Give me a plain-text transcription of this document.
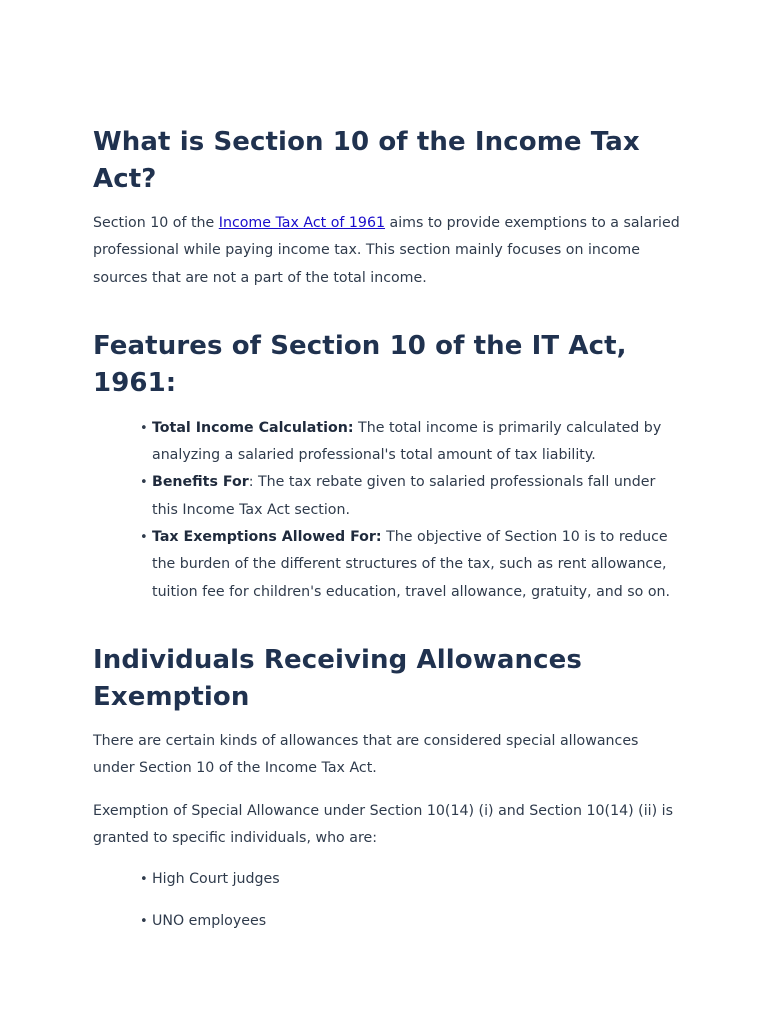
What is Section 10 of the Income Tax Act?

Section 10 of the Income Tax Act of 1961 aims to provide exemptions to a salaried professional while paying income tax. This section mainly focuses on income sources that are not a part of the total income.

Features of Section 10 of the IT Act, 1961:
• Total Income Calculation: The total income is primarily calculated by analyzing a salaried professional's total amount of tax liability.
• Benefits For: The tax rebate given to salaried professionals fall under this Income Tax Act section.
• Tax Exemptions Allowed For: The objective of Section 10 is to reduce the burden of the different structures of the tax, such as rent allowance, tuition fee for children's education, travel allowance, gratuity, and so on.
Individuals Receiving Allowances Exemption

There are certain kinds of allowances that are considered special allowances under Section 10 of the Income Tax Act.

Exemption of Special Allowance under Section 10(14) (i) and Section 10(14) (ii) is granted to specific individuals, who are:

• High Court judges
• UNO employees
